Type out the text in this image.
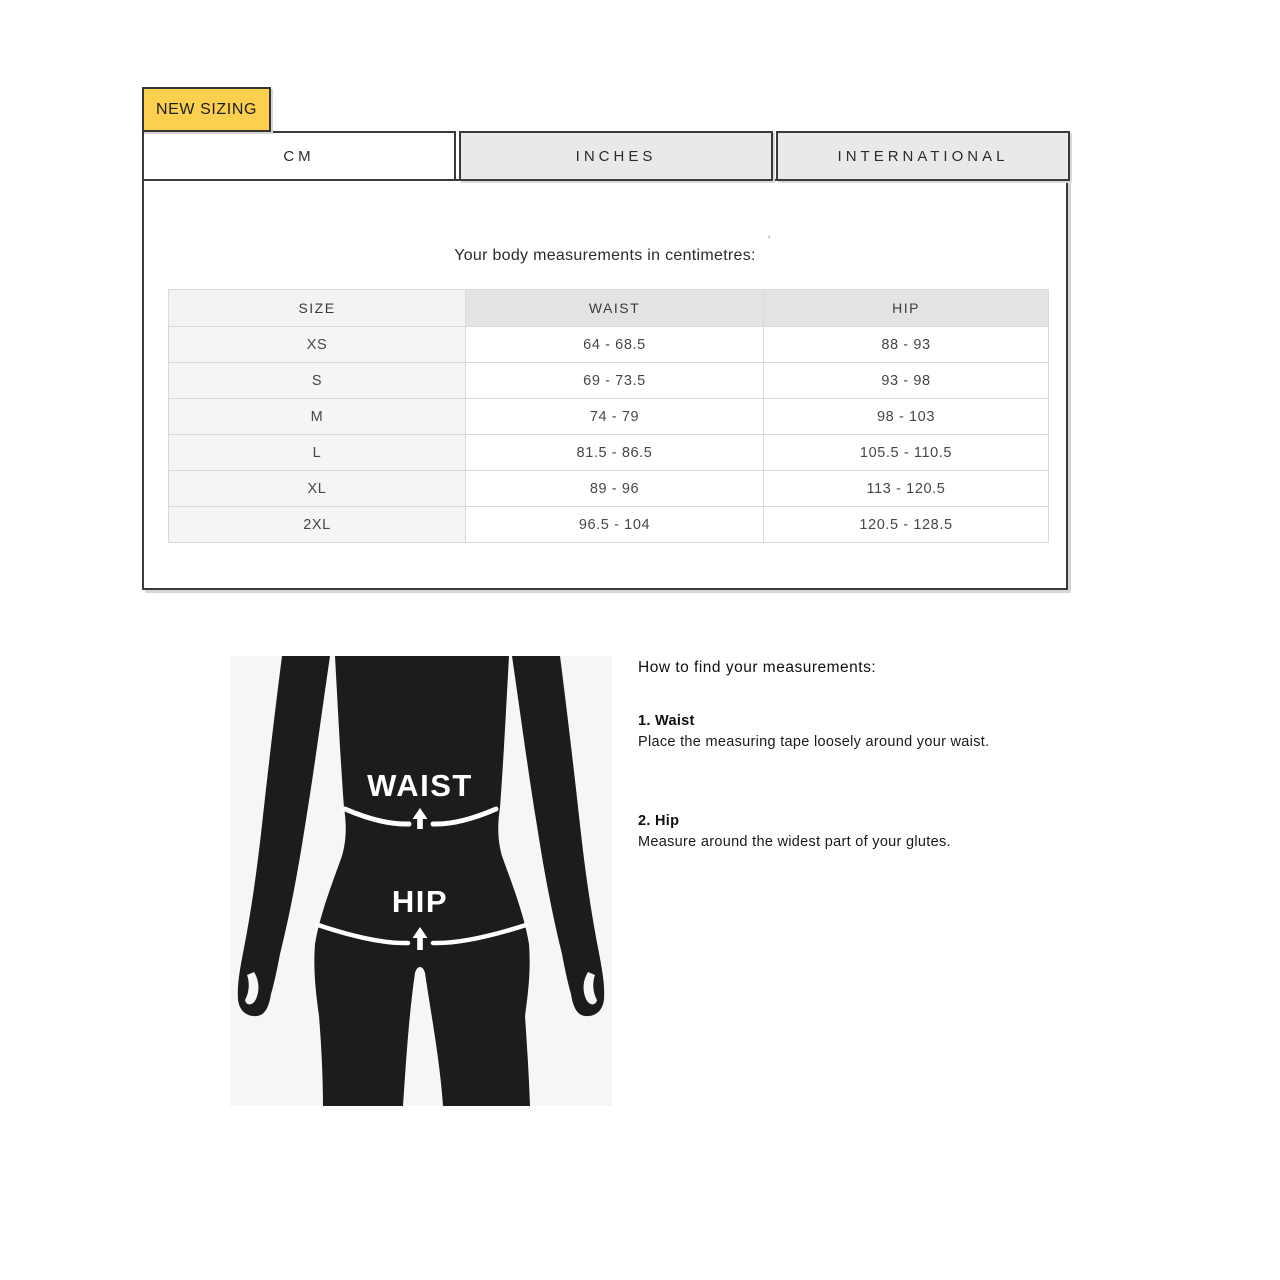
NEW SIZING
CM	INCHES	INTERNATIONAL
'
Your body measurements in centimetres:
SIZE	WAIST	HIP
XS	64 - 68.5	88 - 93
S	69 - 73.5	93 - 98
M	74 - 79	98 - 103
L	81.5 - 86.5	105.5 - 110.5
XL	89 - 96	113 - 120.5
2XL	96.5 - 104	120.5 - 128.5
WAIST
HIP
How to find your measurements:
1. Waist
Place the measuring tape loosely around your waist.
2. Hip
Measure around the widest part of your glutes.
